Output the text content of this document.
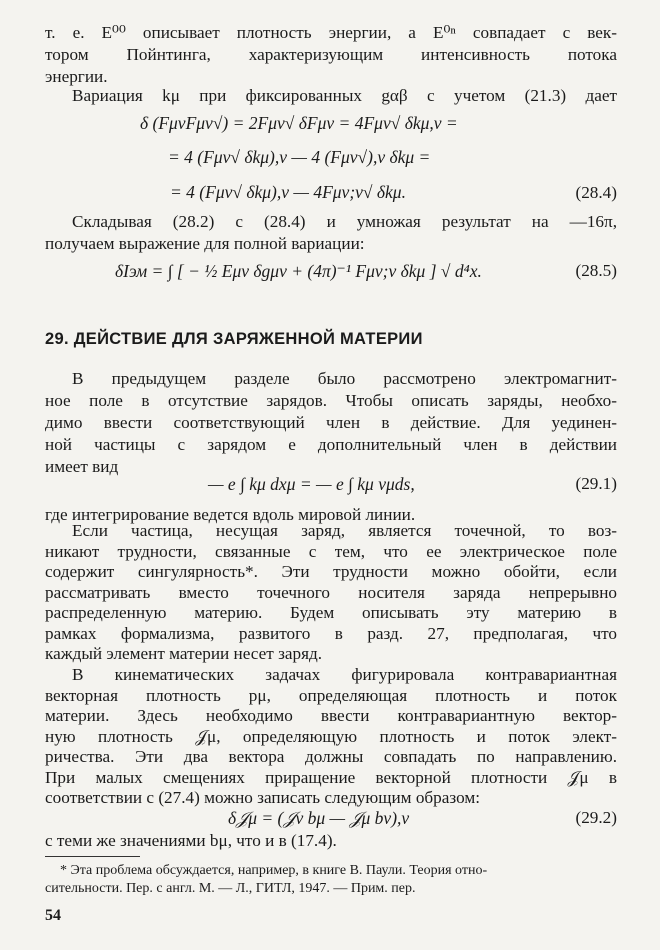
т. е. E⁰⁰ описывает плотность энергии, а E⁰ⁿ совпадает с век-
тором Пойнтинга, характеризующим интенсивность потока
энергии.
Вариация kμ при фиксированных gαβ с учетом (21.3) дает
δ (FμνFμν√) = 2Fμν√ δFμν = 4Fμν√ δkμ,ν =
= 4 (Fμν√ δkμ),ν — 4 (Fμν√),ν δkμ =
= 4 (Fμν√ δkμ),ν — 4Fμν;ν√ δkμ.	(28.4)
Складывая (28.2) с (28.4) и умножая результат на —16π,
получаем выражение для полной вариации:
δIэм = ∫ [ − ½ Eμν δgμν + (4π)⁻¹ Fμν;ν δkμ ] √ d⁴x.	(28.5)
29. ДЕЙСТВИЕ ДЛЯ ЗАРЯЖЕННОЙ МАТЕРИИ
В предыдущем разделе было рассмотрено электромагнит-
ное поле в отсутствие зарядов. Чтобы описать заряды, необхо-
димо ввести соответствующий член в действие. Для уединен-
ной частицы с зарядом e дополнительный член в действии
имеет вид
— e ∫ kμ dxμ = — e ∫ kμ vμds,	(29.1)
где интегрирование ведется вдоль мировой линии.
Если частица, несущая заряд, является точечной, то воз-
никают трудности, связанные с тем, что ее электрическое поле
содержит сингулярность*. Эти трудности можно обойти, если
рассматривать вместо точечного носителя заряда непрерывно
распределенную материю. Будем описывать эту материю в
рамках формализма, развитого в разд. 27, предполагая, что
каждый элемент материи несет заряд.
В кинематических задачах фигурировала контравариантная
векторная плотность pμ, определяющая плотность и поток
материи. Здесь необходимо ввести контравариантную вектор-
ную плотность 𝒥μ, определяющую плотность и поток элект-
ричества. Эти два вектора должны совпадать по направлению.
При малых смещениях приращение векторной плотности 𝒥μ в
* Эта проблема обсуждается, например, в книге В. Паули. Теория отно-
сительности. Пер. с англ. М. — Л., ГИТЛ, 1947. — Прим. пер.
54
соответствии с (27.4) можно записать следующим образом:
δ𝒥μ = (𝒥ν bμ — 𝒥μ bν),ν	(29.2)
с теми же значениями bμ, что и в (17.4).
